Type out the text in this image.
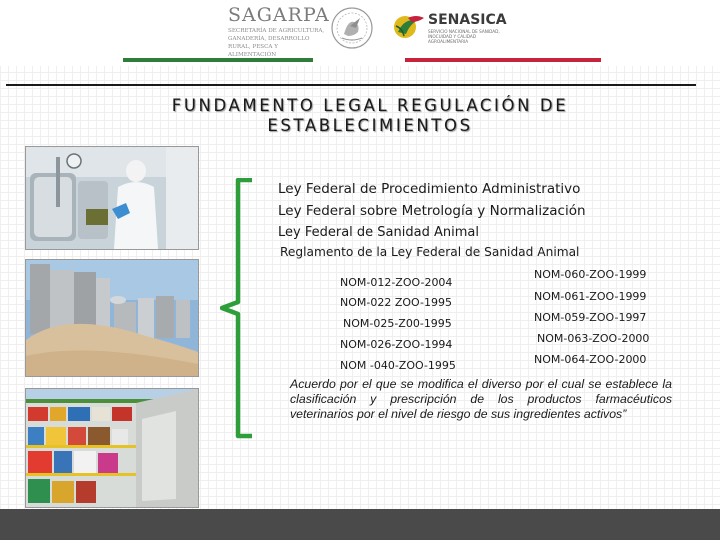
SAGARPA
SECRETARÍA DE AGRICULTURA, GANADERÍA, DESARROLLO RURAL, PESCA Y ALIMENTACIÓN
SENASICA
SERVICIO NACIONAL DE SANIDAD, INOCUIDAD Y CALIDAD AGROALIMENTARIA
FUNDAMENTO LEGAL REGULACIÓN DE
ESTABLECIMIENTOS
Ley Federal de Procedimiento Administrativo
Ley Federal sobre Metrología y Normalización
Ley Federal de Sanidad Animal
Reglamento de la Ley Federal de Sanidad Animal
NOM-012-ZOO-2004
NOM-022 ZOO-1995
NOM-025-Z00-1995
NOM-026-ZOO-1994
NOM -040-ZOO-1995
NOM-060-ZOO-1999
NOM-061-ZOO-1999
NOM-059-ZOO-1997
NOM-063-ZOO-2000
NOM-064-ZOO-2000
Acuerdo por el que se modifica el diverso por el cual se establece la clasificación y prescripción de los productos farmacéuticos veterinarios por el nivel de riesgo de sus ingredientes activos”
